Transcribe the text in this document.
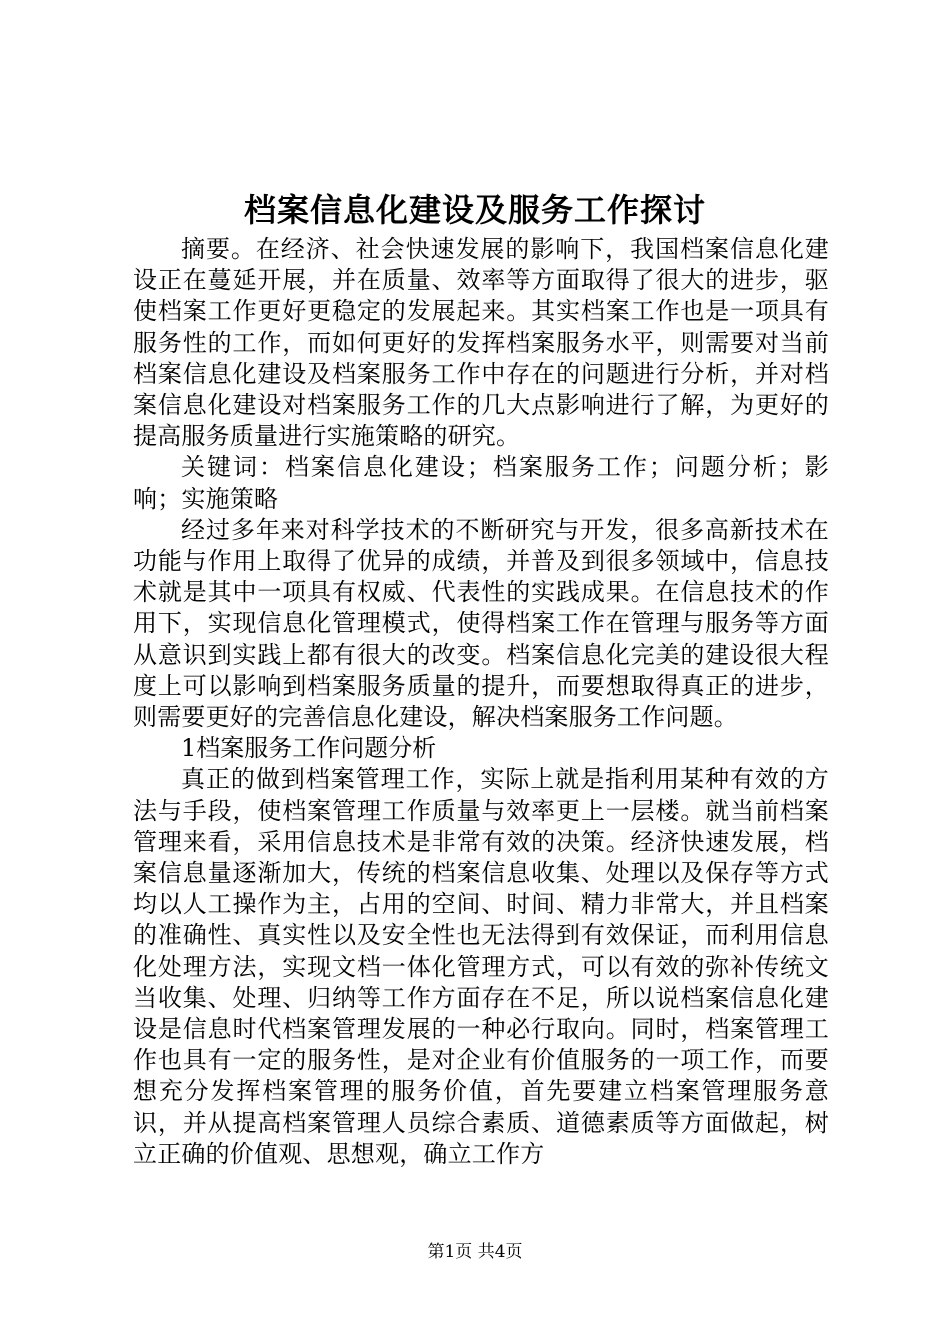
档案信息化建设及服务工作探讨

摘要。在经济、社会快速发展的影响下，我国档案信息化建设正在蔓延开展，并在质量、效率等方面取得了很大的进步，驱使档案工作更好更稳定的发展起来。其实档案工作也是一项具有服务性的工作，而如何更好的发挥档案服务水平，则需要对当前档案信息化建设及档案服务工作中存在的问题进行分析，并对档案信息化建设对档案服务工作的几大点影响进行了解，为更好的提高服务质量进行实施策略的研究。

关键词：档案信息化建设；档案服务工作；问题分析；影响；实施策略

经过多年来对科学技术的不断研究与开发，很多高新技术在功能与作用上取得了优异的成绩，并普及到很多领域中，信息技术就是其中一项具有权威、代表性的实践成果。在信息技术的作用下，实现信息化管理模式，使得档案工作在管理与服务等方面从意识到实践上都有很大的改变。档案信息化完美的建设很大程度上可以影响到档案服务质量的提升，而要想取得真正的进步，则需要更好的完善信息化建设，解决档案服务工作问题。

1档案服务工作问题分析

真正的做到档案管理工作，实际上就是指利用某种有效的方法与手段，使档案管理工作质量与效率更上一层楼。就当前档案管理来看，采用信息技术是非常有效的决策。经济快速发展，档案信息量逐渐加大，传统的档案信息收集、处理以及保存等方式均以人工操作为主，占用的空间、时间、精力非常大，并且档案的准确性、真实性以及安全性也无法得到有效保证，而利用信息化处理方法，实现文档一体化管理方式，可以有效的弥补传统文当收集、处理、归纳等工作方面存在不足，所以说档案信息化建设是信息时代档案管理发展的一种必行取向。同时，档案管理工作也具有一定的服务性，是对企业有价值服务的一项工作，而要想充分发挥档案管理的服务价值，首先要建立档案管理服务意识，并从提高档案管理人员综合素质、道德素质等方面做起，树立正确的价值观、思想观，确立工作方

第1页 共4页
